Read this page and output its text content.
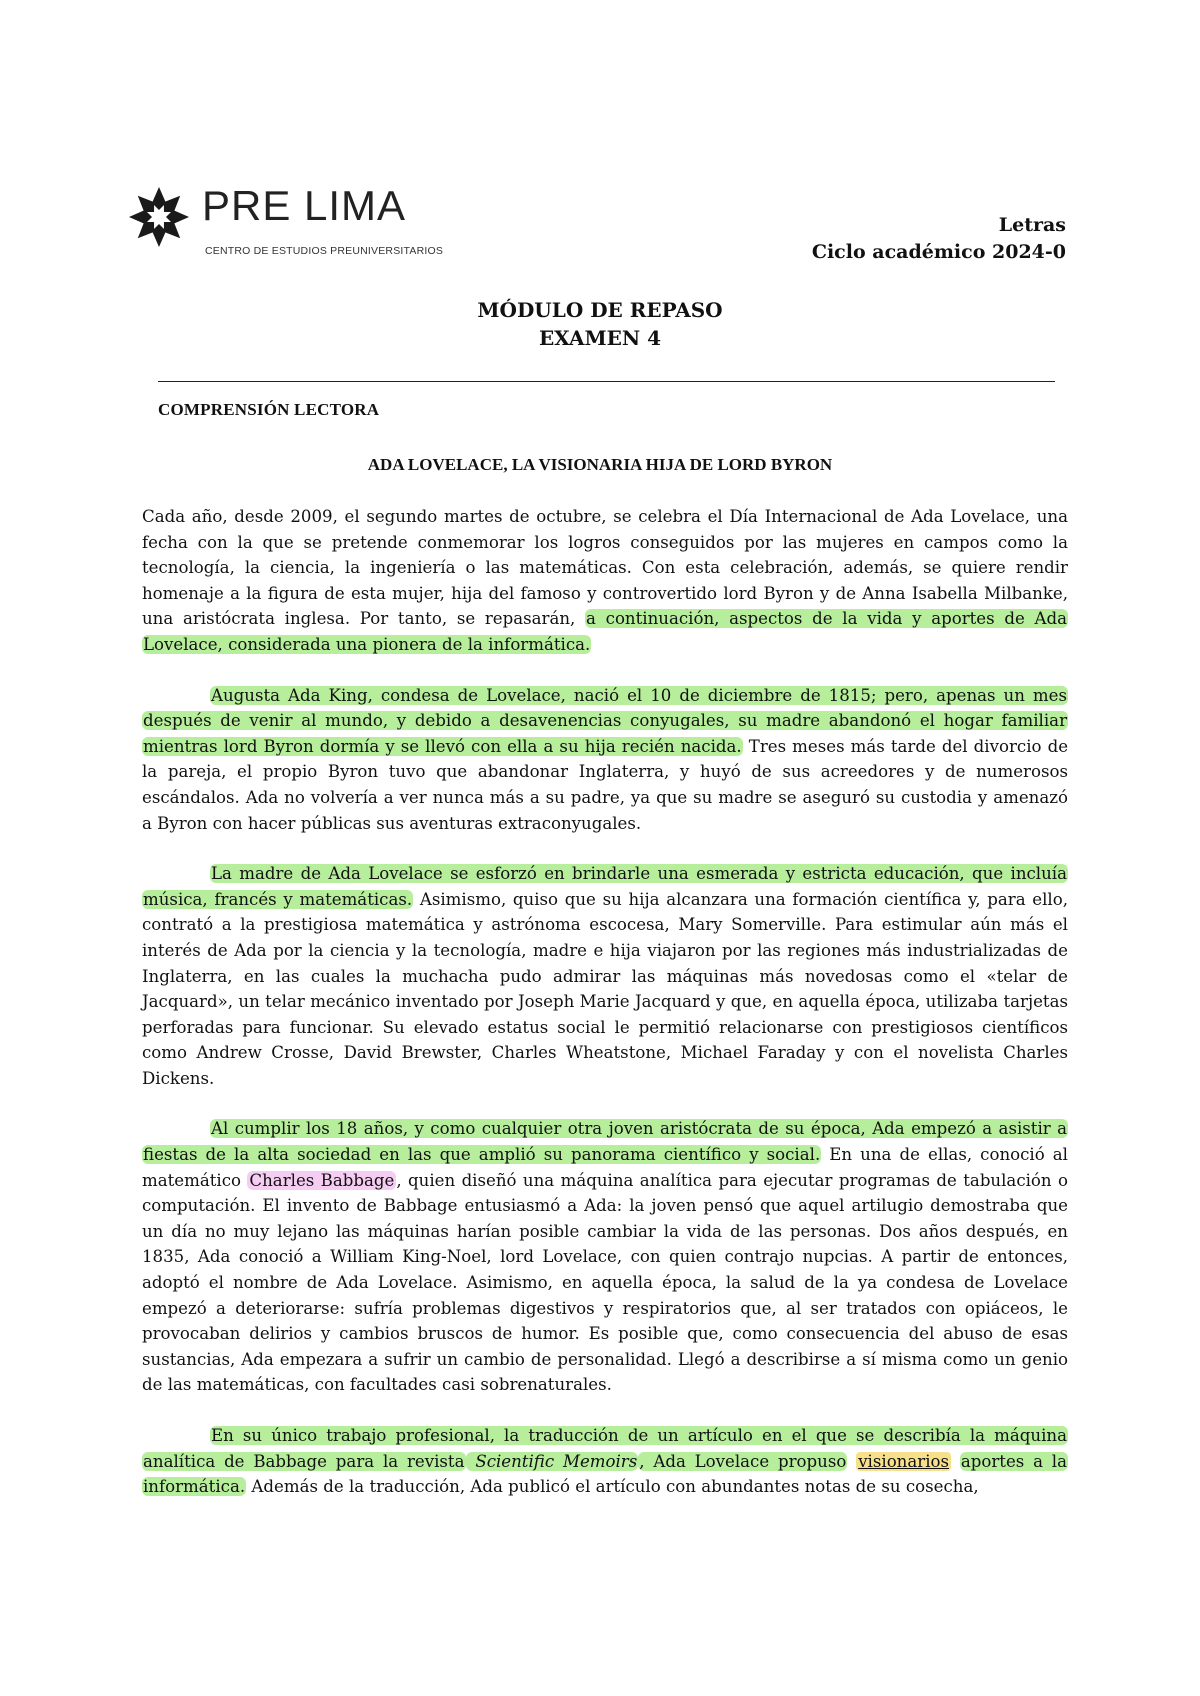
PRE LIMA
CENTRO DE ESTUDIOS PREUNIVERSITARIOS
Letras
Ciclo académico 2024-0
MÓDULO DE REPASO
EXAMEN 4
COMPRENSIÓN LECTORA
ADA LOVELACE, LA VISIONARIA HIJA DE LORD BYRON

Cada año, desde 2009, el segundo martes de octubre, se celebra el Día Internacional de Ada Lovelace, una fecha con la que se pretende conmemorar los logros conseguidos por las mujeres en campos como la tecnología, la ciencia, la ingeniería o las matemáticas. Con esta celebración, además, se quiere rendir homenaje a la figura de esta mujer, hija del famoso y controvertido lord Byron y de Anna Isabella Milbanke, una aristócrata inglesa. Por tanto, se repasarán, a continuación, aspectos de la vida y aportes de Ada Lovelace, considerada una pionera de la informática.

Augusta Ada King, condesa de Lovelace, nació el 10 de diciembre de 1815; pero, apenas un mes después de venir al mundo, y debido a desavenencias conyugales, su madre abandonó el hogar familiar mientras lord Byron dormía y se llevó con ella a su hija recién nacida. Tres meses más tarde del divorcio de la pareja, el propio Byron tuvo que abandonar Inglaterra, y huyó de sus acreedores y de numerosos escándalos. Ada no volvería a ver nunca más a su padre, ya que su madre se aseguró su custodia y amenazó a Byron con hacer públicas sus aventuras extraconyugales.

La madre de Ada Lovelace se esforzó en brindarle una esmerada y estricta educación, que incluía música, francés y matemáticas. Asimismo, quiso que su hija alcanzara una formación científica y, para ello, contrató a la prestigiosa matemática y astrónoma escocesa, Mary Somerville. Para estimular aún más el interés de Ada por la ciencia y la tecnología, madre e hija viajaron por las regiones más industrializadas de Inglaterra, en las cuales la muchacha pudo admirar las máquinas más novedosas como el «telar de Jacquard», un telar mecánico inventado por Joseph Marie Jacquard y que, en aquella época, utilizaba tarjetas perforadas para funcionar. Su elevado estatus social le permitió relacionarse con prestigiosos científicos como Andrew Crosse, David Brewster, Charles Wheatstone, Michael Faraday y con el novelista Charles Dickens.

Al cumplir los 18 años, y como cualquier otra joven aristócrata de su época, Ada empezó a asistir a fiestas de la alta sociedad en las que amplió su panorama científico y social. En una de ellas, conoció al matemático Charles Babbage , quien diseñó una máquina analítica para ejecutar programas de tabulación o computación. El invento de Babbage entusiasmó a Ada: la joven pensó que aquel artilugio demostraba que un día no muy lejano las máquinas harían posible cambiar la vida de las personas. Dos años después, en 1835, Ada conoció a William King-Noel, lord Lovelace, con quien contrajo nupcias. A partir de entonces, adoptó el nombre de Ada Lovelace. Asimismo, en aquella época, la salud de la ya condesa de Lovelace empezó a deteriorarse: sufría problemas digestivos y respiratorios que, al ser tratados con opiáceos, le provocaban delirios y cambios bruscos de humor. Es posible que, como consecuencia del abuso de esas sustancias, Ada empezara a sufrir un cambio de personalidad. Llegó a describirse a sí misma como un genio de las matemáticas, con facultades casi sobrenaturales.

En su único trabajo profesional, la traducción de un artículo en el que se describía la máquina analítica de Babbage para la revista Scientific Memoirs , Ada Lovelace propuso visionarios aportes a la informática. Además de la traducción, Ada publicó el artículo con abundantes notas de su cosecha,
